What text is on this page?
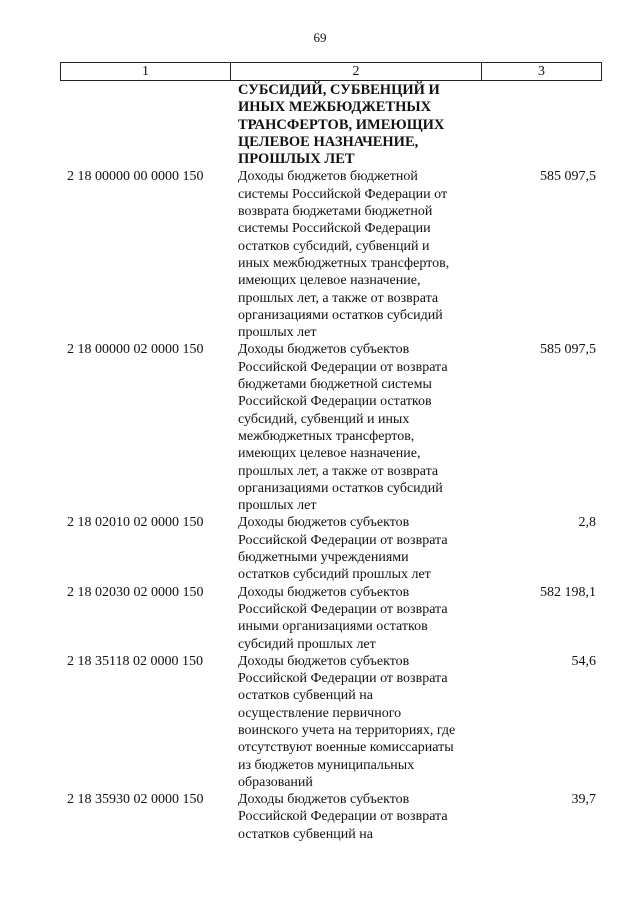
69
1	2	3
СУБСИДИЙ, СУБВЕНЦИЙ И
ИНЫХ МЕЖБЮДЖЕТНЫХ
ТРАНСФЕРТОВ, ИМЕЮЩИХ
ЦЕЛЕВОЕ НАЗНАЧЕНИЕ,
ПРОШЛЫХ ЛЕТ
2 18 00000 00 0000 150	Доходы бюджетов бюджетной
системы Российской Федерации от
возврата бюджетами бюджетной
системы Российской Федерации
остатков субсидий, субвенций и
иных межбюджетных трансфертов,
имеющих целевое назначение,
прошлых лет, а также от возврата
организациями остатков субсидий
прошлых лет
585 097,5
2 18 00000 02 0000 150	Доходы бюджетов субъектов
Российской Федерации от возврата
бюджетами бюджетной системы
Российской Федерации остатков
субсидий, субвенций и иных
межбюджетных трансфертов,
имеющих целевое назначение,
прошлых лет, а также от возврата
организациями остатков субсидий
прошлых лет
585 097,5
2 18 02010 02 0000 150	Доходы бюджетов субъектов
Российской Федерации от возврата
бюджетными учреждениями
остатков субсидий прошлых лет
2,8
2 18 02030 02 0000 150	Доходы бюджетов субъектов
Российской Федерации от возврата
иными организациями остатков
субсидий прошлых лет
582 198,1
2 18 35118 02 0000 150	Доходы бюджетов субъектов
Российской Федерации от возврата
остатков субвенций на
осуществление первичного
воинского учета на территориях, где
отсутствуют военные комиссариаты
из бюджетов муниципальных
образований
54,6
2 18 35930 02 0000 150	Доходы бюджетов субъектов
Российской Федерации от возврата
остатков субвенций на
39,7
